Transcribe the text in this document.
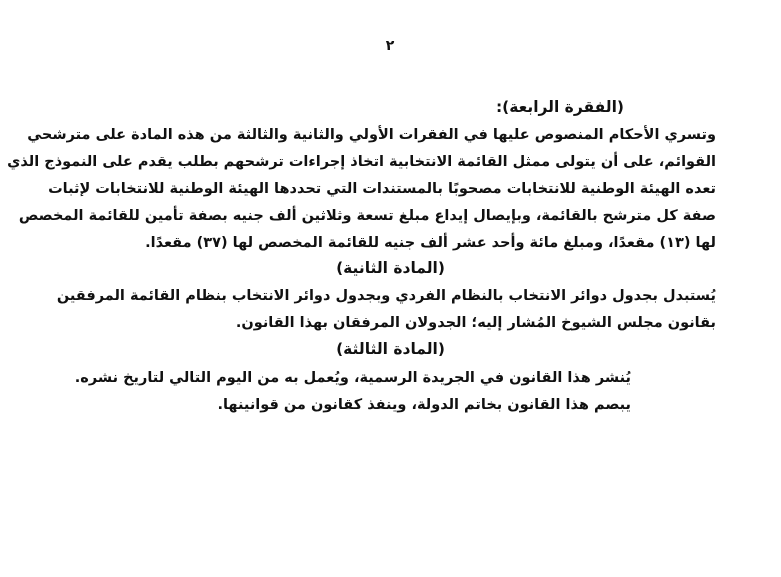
٢
(الفقرة الرابعة):
وتسري الأحكام المنصوص عليها في الفقرات الأولي والثانية والثالثة من هذه المادة على مترشحي
القوائم، على أن يتولى ممثل القائمة الانتخابية اتخاذ إجراءات ترشحهم بطلب يقدم على النموذج الذي
تعده الهيئة الوطنية للانتخابات مصحوبًا بالمستندات التي تحددها الهيئة الوطنية للانتخابات لإثبات
صفة كل مترشح بالقائمة، وبإيصال إيداع مبلغ تسعة وثلاثين ألف جنيه بصفة تأمين للقائمة المخصص
لها (١٣) مقعدًا، ومبلغ مائة وأحد عشر ألف جنيه للقائمة المخصص لها (٣٧) مقعدًا.
(المادة الثانية)
يُستبدل بجدول دوائر الانتخاب بالنظام الفردي وبجدول دوائر الانتخاب بنظام القائمة المرفقين
بقانون مجلس الشيوخ المُشار إليه؛ الجدولان المرفقان بهذا القانون.
(المادة الثالثة)
يُنشر هذا القانون في الجريدة الرسمية، ويُعمل به من اليوم التالي لتاريخ نشره.
يبصم هذا القانون بخاتم الدولة، وينفذ كقانون من قوانينها.
